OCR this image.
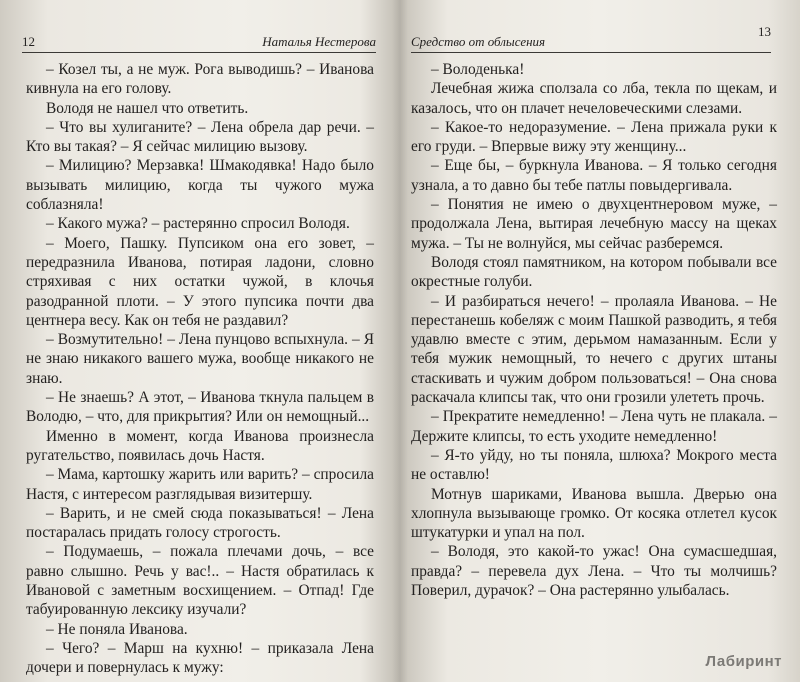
12	Наталья Нестерова

– Козел ты, а не муж. Рога выводишь? – Иванова кивнула на его голову.

Володя не нашел что ответить.

– Что вы хулиганите? – Лена обрела дар речи. – Кто вы такая? – Я сейчас милицию вызову.

– Милицию? Мерзавка! Шмакодявка! Надо было вызывать милицию, когда ты чужого мужа соблазняла!

– Какого мужа? – растерянно спросил Володя.

– Моего, Пашку. Пупсиком она его зовет, – передразнила Иванова, потирая ладони, словно стряхивая с них остатки чужой, в клочья разодранной плоти. – У этого пупсика почти два центнера весу. Как он тебя не раздавил?

– Возмутительно! – Лена пунцово вспыхнула. – Я не знаю никакого вашего мужа, вообще никакого не знаю.

– Не знаешь? А этот, – Иванова ткнула пальцем в Володю, – что, для прикрытия? Или он немощный...

Именно в момент, когда Иванова произнесла ругательство, появилась дочь Настя.

– Мама, картошку жарить или варить? – спросила Настя, с интересом разглядывая визитершу.

– Варить, и не смей сюда показываться! – Лена постаралась придать голосу строгость.

– Подумаешь, – пожала плечами дочь, – все равно слышно. Речь у вас!.. – Настя обратилась к Ивановой с заметным восхищением. – Отпад! Где табуированную лексику изучали?

– Не поняла Иванова.

– Чего? – Марш на кухню! – приказала Лена дочери и повернулась к мужу:

Средство от облысения
13

– Володенька!

Лечебная жижа сползала со лба, текла по щекам, и казалось, что он плачет нечеловеческими слезами.

– Какое-то недоразумение. – Лена прижала руки к его груди. – Впервые вижу эту женщину...

– Еще бы, – буркнула Иванова. – Я только сегодня узнала, а то давно бы тебе патлы повыдергивала.

– Понятия не имею о двухцентнеровом муже, – продолжала Лена, вытирая лечебную массу на щеках мужа. – Ты не волнуйся, мы сейчас разберемся.

Володя стоял памятником, на котором побывали все окрестные голуби.

– И разбираться нечего! – пролаяла Иванова. – Не перестанешь кобеляж с моим Пашкой разводить, я тебя удавлю вместе с этим, дерьмом намазанным. Если у тебя мужик немощный, то нечего с других штаны стаскивать и чужим добром пользоваться! – Она снова раскачала клипсы так, что они грозили улететь прочь.

– Прекратите немедленно! – Лена чуть не плакала. – Держите клипсы, то есть уходите немедленно!

– Я-то уйду, но ты поняла, шлюха? Мокрого места не оставлю!

Мотнув шариками, Иванова вышла. Дверью она хлопнула вызывающе громко. От косяка отлетел кусок штукатурки и упал на пол.

– Володя, это какой-то ужас! Она сумасшедшая, правда? – перевела дух Лена. – Что ты молчишь? Поверил, дурачок? – Она растерянно улыбалась.

Лабиринт
